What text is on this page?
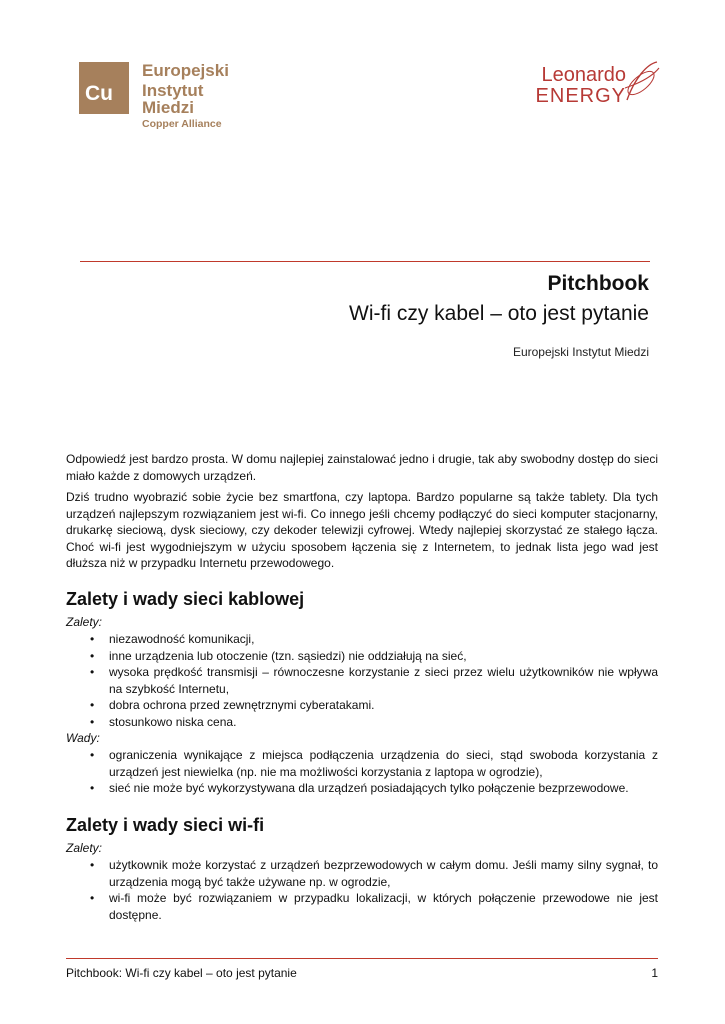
Cu
Europejski
Instytut Miedzi
Copper Alliance
Leonardo
ENERGY
Pitchbook
Wi-fi czy kabel – oto jest pytanie
Europejski Instytut Miedzi

Odpowiedź jest bardzo prosta. W domu najlepiej zainstalować jedno i drugie, tak aby swobodny dostęp do sieci miało każde z domowych urządzeń.

Dziś trudno wyobrazić sobie życie bez smartfona, czy laptopa. Bardzo popularne są także tablety. Dla tych urządzeń najlepszym rozwiązaniem jest wi-fi. Co innego jeśli chcemy podłączyć do sieci komputer stacjonarny, drukarkę sieciową, dysk sieciowy, czy dekoder telewizji cyfrowej. Wtedy najlepiej skorzystać ze stałego łącza. Choć wi-fi jest wygodniejszym w użyciu sposobem łączenia się z Internetem, to jednak lista jego wad jest dłuższa niż w przypadku Internetu przewodowego.

Zalety i wady sieci kablowej
Zalety:
• niezawodność komunikacji,
• inne urządzenia lub otoczenie (tzn. sąsiedzi) nie oddziałują na sieć,
• wysoka prędkość transmisji – równoczesne korzystanie z sieci przez wielu użytkowników nie wpływa na szybkość Internetu,
• dobra ochrona przed zewnętrznymi cyberatakami.
• stosunkowo niska cena.
Wady:
• ograniczenia wynikające z miejsca podłączenia urządzenia do sieci, stąd swoboda korzystania z urządzeń jest niewielka (np. nie ma możliwości korzystania z laptopa w ogrodzie),
• sieć nie może być wykorzystywana dla urządzeń posiadających tylko połączenie bezprzewodowe.
Zalety i wady sieci wi-fi
Zalety:
• użytkownik może korzystać z urządzeń bezprzewodowych w całym domu. Jeśli mamy silny sygnał, to urządzenia mogą być także używane np. w ogrodzie,
• wi-fi może być rozwiązaniem w przypadku lokalizacji, w których połączenie przewodowe nie jest dostępne.
Pitchbook: Wi-fi czy kabel – oto jest pytanie	1
